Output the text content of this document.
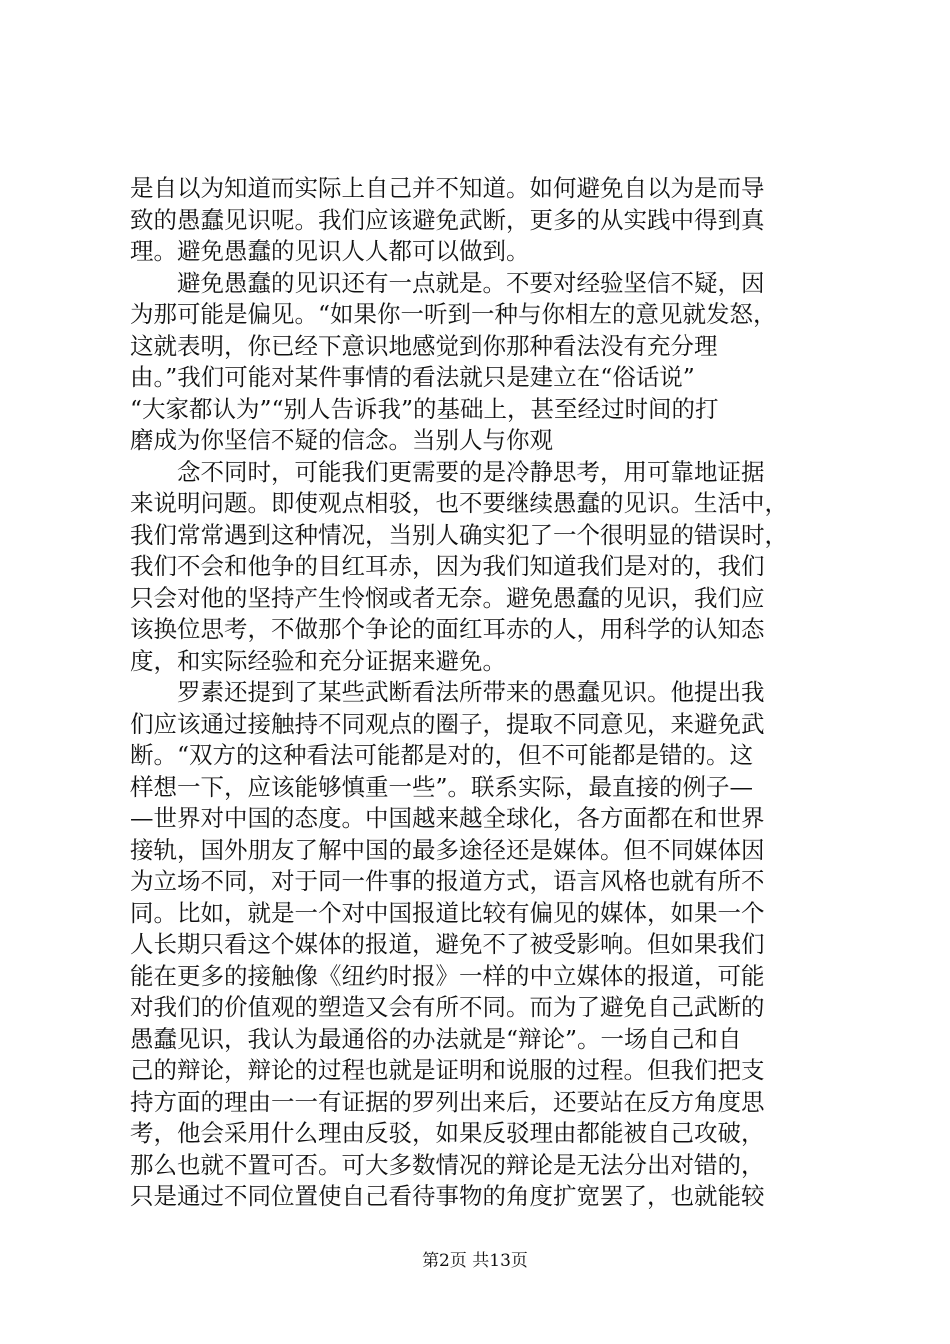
是自以为知道而实际上自己并不知道。如何避免自以为是而导
致的愚蠢见识呢。我们应该避免武断，更多的从实践中得到真
理。避免愚蠢的见识人人都可以做到。
　　避免愚蠢的见识还有一点就是。不要对经验坚信不疑，因
为那可能是偏见。“如果你一听到一种与你相左的意见就发怒，
这就表明，你已经下意识地感觉到你那种看法没有充分理
由。”我们可能对某件事情的看法就只是建立在“俗话说”
“大家都认为”“别人告诉我”的基础上，甚至经过时间的打
磨成为你坚信不疑的信念。当别人与你观
　　念不同时，可能我们更需要的是冷静思考，用可靠地证据
来说明问题。即使观点相驳，也不要继续愚蠢的见识。生活中，
我们常常遇到这种情况，当别人确实犯了一个很明显的错误时，
我们不会和他争的目红耳赤，因为我们知道我们是对的，我们
只会对他的坚持产生怜悯或者无奈。避免愚蠢的见识，我们应
该换位思考，不做那个争论的面红耳赤的人，用科学的认知态
度，和实际经验和充分证据来避免。
　　罗素还提到了某些武断看法所带来的愚蠢见识。他提出我
们应该通过接触持不同观点的圈子，提取不同意见，来避免武
断。“双方的这种看法可能都是对的，但不可能都是错的。这
样想一下，应该能够慎重一些”。联系实际，最直接的例子—
—世界对中国的态度。中国越来越全球化，各方面都在和世界
接轨，国外朋友了解中国的最多途径还是媒体。但不同媒体因
为立场不同，对于同一件事的报道方式，语言风格也就有所不
同。比如，就是一个对中国报道比较有偏见的媒体，如果一个
人长期只看这个媒体的报道，避免不了被受影响。但如果我们
能在更多的接触像《纽约时报》一样的中立媒体的报道，可能
对我们的价值观的塑造又会有所不同。而为了避免自己武断的
愚蠢见识，我认为最通俗的办法就是“辩论”。一场自己和自
己的辩论，辩论的过程也就是证明和说服的过程。但我们把支
持方面的理由一一有证据的罗列出来后，还要站在反方角度思
考，他会采用什么理由反驳，如果反驳理由都能被自己攻破，
那么也就不置可否。可大多数情况的辩论是无法分出对错的，
只是通过不同位置使自己看待事物的角度扩宽罢了，也就能较
第2页 共13页
